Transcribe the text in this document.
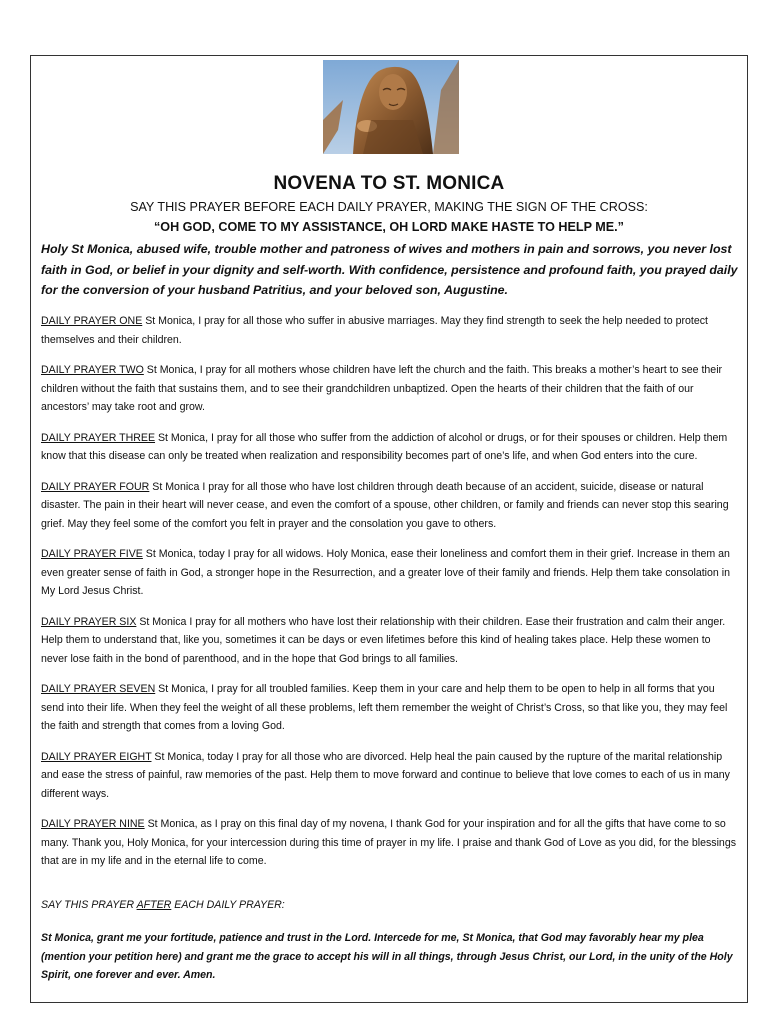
NOVENA TO ST. MONICA
SAY THIS PRAYER BEFORE EACH DAILY PRAYER, MAKING THE SIGN OF THE CROSS:
“OH GOD, COME TO MY ASSISTANCE, OH LORD MAKE HASTE TO HELP ME.”
Holy St Monica, abused wife, trouble mother and patroness of wives and mothers in pain and sorrows, you never lost faith in God, or belief in your dignity and self-worth. With confidence, persistence and profound faith, you prayed daily for the conversion of your husband Patritius, and your beloved son, Augustine.

DAILY PRAYER ONE St Monica, I pray for all those who suffer in abusive marriages. May they find strength to seek the help needed to protect themselves and their children.

DAILY PRAYER TWO St Monica, I pray for all mothers whose children have left the church and the faith. This breaks a mother’s heart to see their children without the faith that sustains them, and to see their grandchildren unbaptized. Open the hearts of their children that the faith of our ancestors’ may take root and grow.

DAILY PRAYER THREE St Monica, I pray for all those who suffer from the addiction of alcohol or drugs, or for their spouses or children. Help them know that this disease can only be treated when realization and responsibility becomes part of one’s life, and when God enters into the cure.

DAILY PRAYER FOUR St Monica I pray for all those who have lost children through death because of an accident, suicide, disease or natural disaster. The pain in their heart will never cease, and even the comfort of a spouse, other children, or family and friends can never stop this searing grief. May they feel some of the comfort you felt in prayer and the consolation you gave to others.

DAILY PRAYER FIVE St Monica, today I pray for all widows. Holy Monica, ease their loneliness and comfort them in their grief. Increase in them an even greater sense of faith in God, a stronger hope in the Resurrection, and a greater love of their family and friends. Help them take consolation in My Lord Jesus Christ.

DAILY PRAYER SIX St Monica I pray for all mothers who have lost their relationship with their children. Ease their frustration and calm their anger. Help them to understand that, like you, sometimes it can be days or even lifetimes before this kind of healing takes place. Help these women to never lose faith in the bond of parenthood, and in the hope that God brings to all families.

DAILY PRAYER SEVEN St Monica, I pray for all troubled families. Keep them in your care and help them to be open to help in all forms that you send into their life. When they feel the weight of all these problems, left them remember the weight of Christ’s Cross, so that like you, they may feel the faith and strength that comes from a loving God.

DAILY PRAYER EIGHT St Monica, today I pray for all those who are divorced. Help heal the pain caused by the rupture of the marital relationship and ease the stress of painful, raw memories of the past. Help them to move forward and continue to believe that love comes to each of us in many different ways.

DAILY PRAYER NINE St Monica, as I pray on this final day of my novena, I thank God for your inspiration and for all the gifts that have come to so many. Thank you, Holy Monica, for your intercession during this time of prayer in my life. I praise and thank God of Love as you did, for the blessings that are in my life and in the eternal life to come.

SAY THIS PRAYER AFTER EACH DAILY PRAYER:
St Monica, grant me your fortitude, patience and trust in the Lord. Intercede for me, St Monica, that God may favorably hear my plea (mention your petition here) and grant me the grace to accept his will in all things, through Jesus Christ, our Lord, in the unity of the Holy Spirit, one forever and ever. Amen.
